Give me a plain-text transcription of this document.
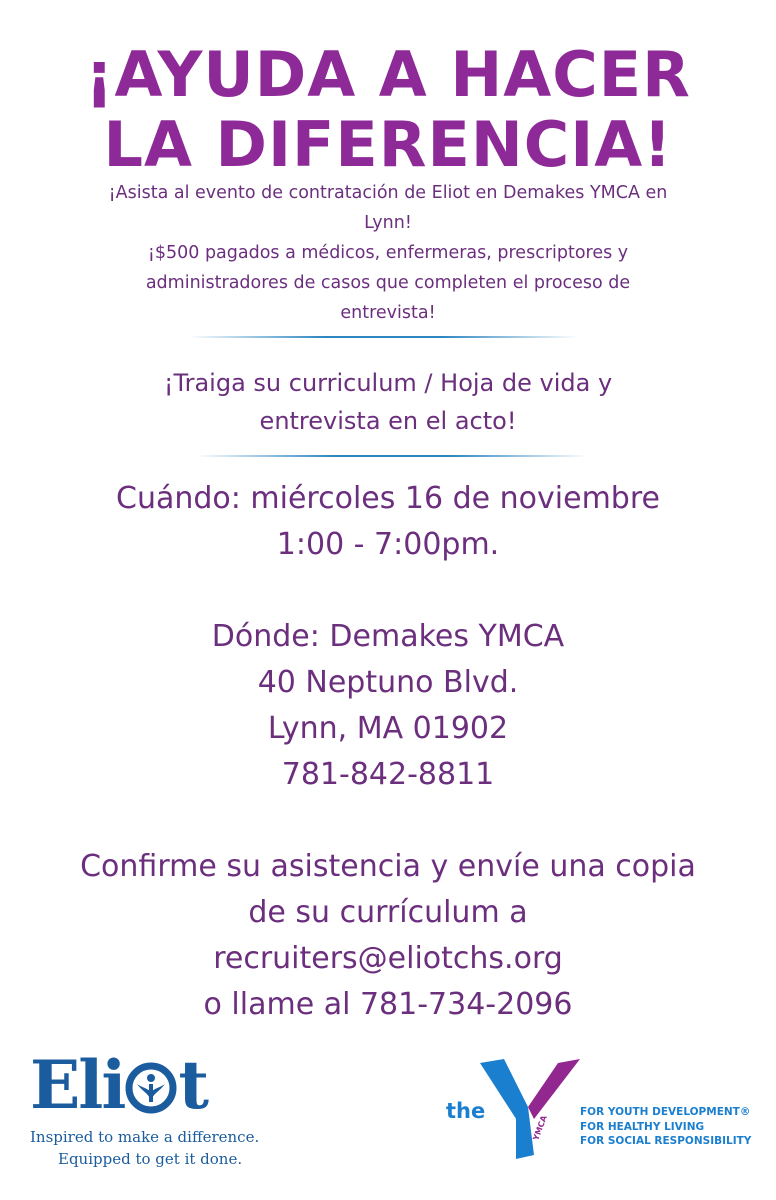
¡AYUDA A HACER
LA DIFERENCIA!
¡Asista al evento de contratación de Eliot en Demakes YMCA en
Lynn!
¡$500 pagados a médicos, enfermeras, prescriptores y
administradores de casos que completen el proceso de
entrevista!
¡Traiga su curriculum / Hoja de vida y
entrevista en el acto!
Cuándo: miércoles 16 de noviembre
1:00 - 7:00pm.
Dónde: Demakes YMCA
40 Neptuno Blvd.
Lynn, MA 01902
781-842-8811
Confirme su asistencia y envíe una copia
de su currículum a
recruiters@eliotchs.org
o llame al 781-734-2096
Eli t
Inspired to make a difference.
Equipped to get it done.
the
YMCA
FOR YOUTH DEVELOPMENT®
FOR HEALTHY LIVING
FOR SOCIAL RESPONSIBILITY
